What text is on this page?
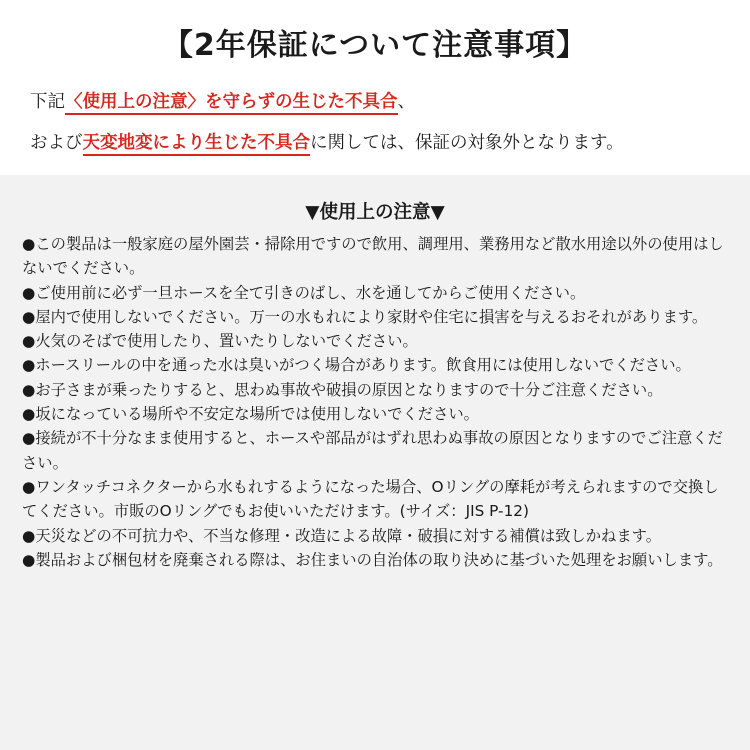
【2年保証について注意事項】
下記〈使用上の注意〉を守らずの生じた不具合、
および天変地変により生じた不具合に関しては、保証の対象外となります。
▼使用上の注意▼
●この製品は一般家庭の屋外園芸・掃除用ですので飲用、調理用、業務用など散水用途以外の使用はしないでください。
●ご使用前に必ず一旦ホースを全て引きのばし、水を通してからご使用ください。
●屋内で使用しないでください。万一の水もれにより家財や住宅に損害を与えるおそれがあります。
●火気のそばで使用したり、置いたりしないでください。
●ホースリールの中を通った水は臭いがつく場合があります。飲食用には使用しないでください。
●お子さまが乗ったりすると、思わぬ事故や破損の原因となりますので十分ご注意ください。
●坂になっている場所や不安定な場所では使用しないでください。
●接続が不十分なまま使用すると、ホースや部品がはずれ思わぬ事故の原因となりますのでご注意ください。
●ワンタッチコネクターから水もれするようになった場合、Oリングの摩耗が考えられますので交換してください。市販のOリングでもお使いいただけます。(サイズ：JIS P-12)
●天災などの不可抗力や、不当な修理・改造による故障・破損に対する補償は致しかねます。
●製品および梱包材を廃棄される際は、お住まいの自治体の取り決めに基づいた処理をお願いします。
